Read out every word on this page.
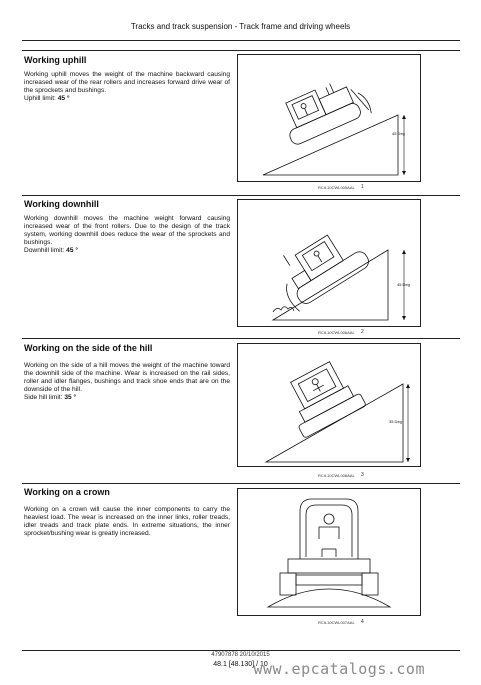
Tracks and track suspension - Track frame and driving wheels
Working uphill

Working uphill moves the weight of the machine backward causing increased wear of the rear rollers and increases forward drive wear of the sprockets and bushings.

Uphill limit: 45 °

45 Deg
RCIL10CWL005AAL 1
Working downhill

Working downhill moves the machine weight forward causing increased wear of the front rollers. Due to the design of the track system, working downhill does reduce the wear of the sprockets and bushings.

Downhill limit: 45 °

45 Deg
RCIL10CWL006AAL 2
Working on the side of the hill

Working on the side of a hill moves the weight of the machine toward the downhill side of the machine. Wear is increased on the rail sides, roller and idler flanges, bushings and track shoe ends that are on the downside of the hill.

Side hill limit: 35 °

35 Deg
RCIL10CWL008AAL 3
Working on a crown

Working on a crown will cause the inner components to carry the heaviest load. The wear is increased on the inner links, roller treads, idler treads and track plate ends. In extreme situations, the inner sprocket/bushing wear is greatly increased.

RCIL10CWL007AAL 4
47907878 20/10/2015
48.1 [48.130] / 10
www.epcatalogs.com
